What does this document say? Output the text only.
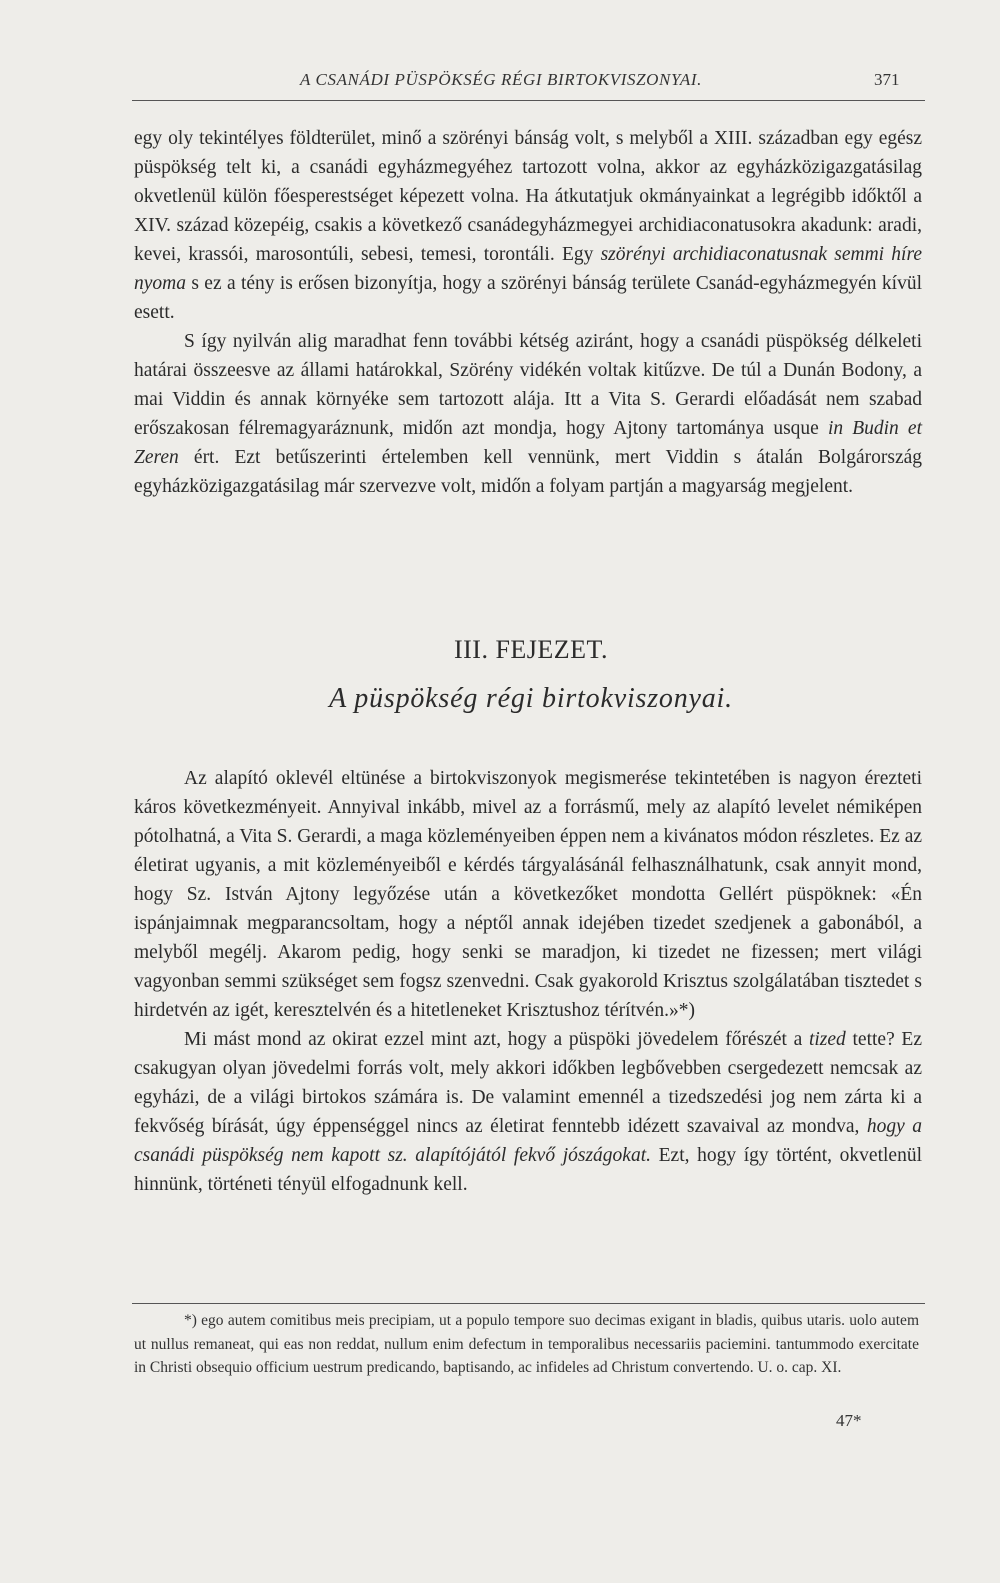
A CSANÁDI PÜSPÖKSÉG RÉGI BIRTOKVISZONYAI.	371

egy oly tekintélyes földterület, minő a szörényi bánság volt, s melyből a XIII. században egy egész püspökség telt ki, a csanádi egyházmegyéhez tartozott volna, akkor az egyházközigazgatásilag okvetlenül külön főesperestséget képezett volna. Ha átkutatjuk okmányainkat a legrégibb időktől a XIV. század közepéig, csakis a következő csanádegyházmegyei archidiaconatusokra akadunk: aradi, kevei, krassói, marosontúli, sebesi, temesi, torontáli. Egy szörényi archidiaconatusnak semmi híre nyoma s ez a tény is erősen bizonyítja, hogy a szörényi bánság területe Csanád-egyházmegyén kívül esett.

S így nyilván alig maradhat fenn további kétség aziránt, hogy a csanádi püspökség délkeleti határai összeesve az állami határokkal, Szörény vidékén voltak kitűzve. De túl a Dunán Bodony, a mai Viddin és annak környéke sem tartozott alája. Itt a Vita S. Gerardi előadását nem szabad erőszakosan félremagyaráznunk, midőn azt mondja, hogy Ajtony tartománya usque in Budin et Zeren ért. Ezt betűszerinti értelemben kell vennünk, mert Viddin s átalán Bolgárország egyházközigazgatásilag már szervezve volt, midőn a folyam partján a magyarság megjelent.

III. FEJEZET.
A püspökség régi birtokviszonyai.

Az alapító oklevél eltünése a birtokviszonyok megismerése tekintetében is nagyon érezteti káros következményeit. Annyival inkább, mivel az a forrásmű, mely az alapító levelet némiképen pótolhatná, a Vita S. Gerardi, a maga közleményeiben éppen nem a kivánatos módon részletes. Ez az életirat ugyanis, a mit közleményeiből e kérdés tárgyalásánál felhasználhatunk, csak annyit mond, hogy Sz. István Ajtony legyőzése után a következőket mondotta Gellért püspöknek: «Én ispánjaimnak megparancsoltam, hogy a néptől annak idejében tizedet szedjenek a gabonából, a melyből megélj. Akarom pedig, hogy senki se maradjon, ki tizedet ne fizessen; mert világi vagyonban semmi szükséget sem fogsz szenvedni. Csak gyakorold Krisztus szolgálatában tisztedet s hirdetvén az igét, keresztelvén és a hitetleneket Krisztushoz térítvén.»*)

Mi mást mond az okirat ezzel mint azt, hogy a püspöki jövedelem főrészét a tized tette? Ez csakugyan olyan jövedelmi forrás volt, mely akkori időkben legbővebben csergedezett nemcsak az egyházi, de a világi birtokos számára is. De valamint emennél a tizedszedési jog nem zárta ki a fekvőség bírását, úgy éppenséggel nincs az életirat fenntebb idézett szavaival az mondva, hogy a csanádi püspökség nem kapott sz. alapítójától fekvő jószágokat. Ezt, hogy így történt, okvetlenül hinnünk, történeti tényül elfogadnunk kell.

*) ego autem comitibus meis precipiam, ut a populo tempore suo decimas exigant in bladis, quibus utaris. uolo autem ut nullus remaneat, qui eas non reddat, nullum enim defectum in temporalibus necessariis paciemini. tantummodo exercitate in Christi obsequio officium uestrum predicando, baptisando, ac infideles ad Christum convertendo. U. o. cap. XI.

47*
